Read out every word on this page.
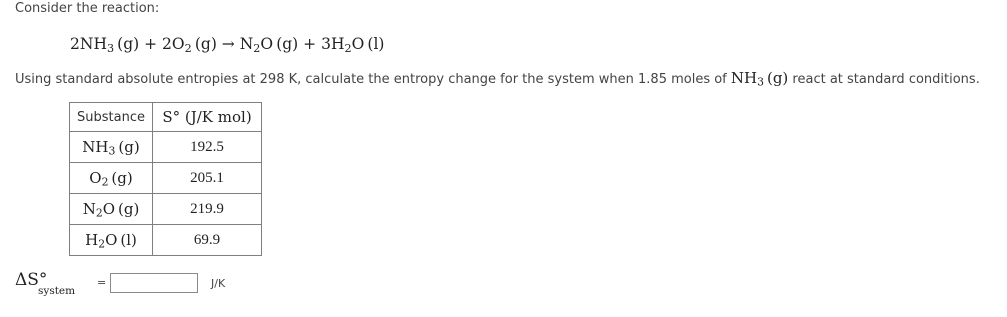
Consider the reaction:
$2NH_3$ $(g) + 2O_2$ $(g) \to N_2O$ $(g) + 3H_2O$ (l)
Using standard absolute entropies at 298 K, calculate the entropy change for the system when 1.85 moles of $NH_3$ (g) react at standard conditions.
Substance	S° (J/K mol)
$NH_3$ (g)	192.5
$O_2$ (g)	205.1
$N_2O$ (g)	219.9
$H_2O$ (l)	69.9
ΔS°
system
=	J/K
